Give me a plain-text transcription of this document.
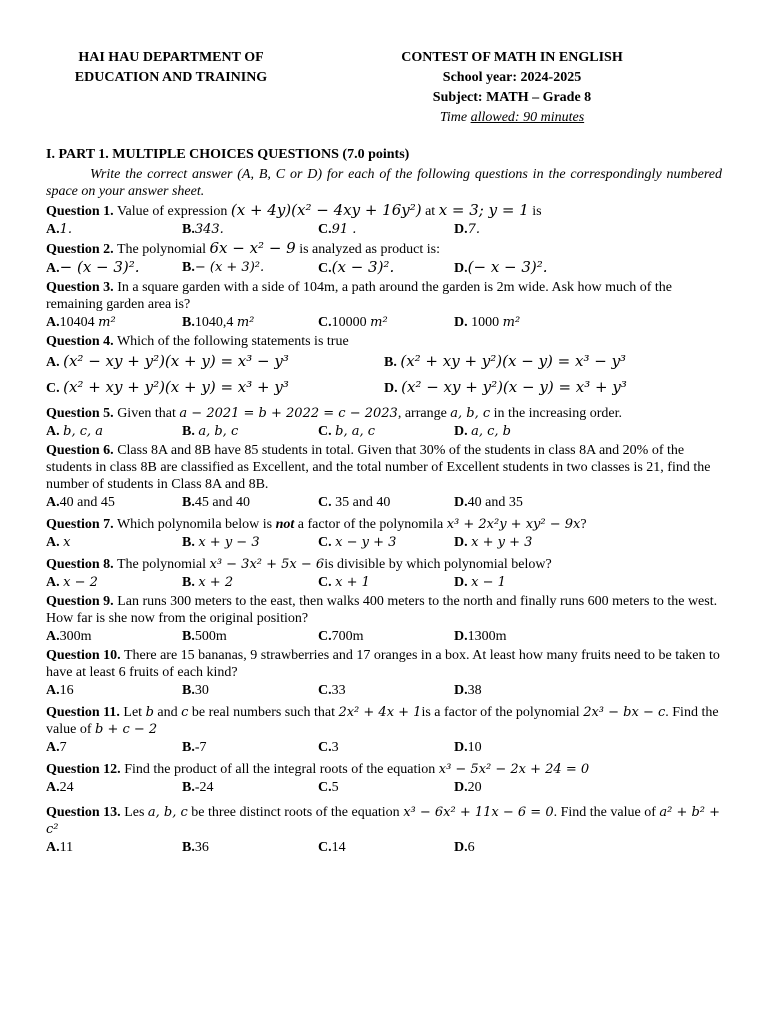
HAI HAU DEPARTMENT OF
EDUCATION AND TRAINING
CONTEST OF MATH IN ENGLISH
School year: 2024-2025
Subject: MATH – Grade 8
Time allowed: 90 minutes
I. PART 1. MULTIPLE CHOICES QUESTIONS (7.0 points)
Write the correct answer (A, B, C or D) for each of the following questions in the correspondingly numbered space on your answer sheet.
Question 1. Value of expression (x + 4y)(x² − 4xy + 16y²) at x = 3; y = 1 is
A.1.	B.343.	C.91 .	D.7.
Question 2. The polynomial 6x − x² − 9 is analyzed as product is:
A.− (x − 3)².	B.− (x + 3)².	C.(x − 3)².	D.(− x − 3)².
Question 3. In a square garden with a side of 104m, a path around the garden is 2m wide. Ask how much of the remaining garden area is?
A.10404 m²	B.1040,4 m²	C.10000 m²	D. 1000 m²
Question 4. Which of the following statements is true
A. (x² − xy + y²)(x + y) = x³ − y³	B. (x² + xy + y²)(x − y) = x³ − y³
C. (x² + xy + y²)(x + y) = x³ + y³	D. (x² − xy + y²)(x − y) = x³ + y³
Question 5. Given that a − 2021 = b + 2022 = c − 2023, arrange a, b, c in the increasing order.
A. b, c, a	B. a, b, c	C. b, a, c	D. a, c, b
Question 6. Class 8A and 8B have 85 students in total. Given that 30% of the students in class 8A and 20% of the students in class 8B are classified as Excellent, and the total number of Excellent students in two classes is 21, find the number of students in Class 8A and 8B.
A.40 and 45	B.45 and 40	C. 35 and 40	D.40 and 35
Question 7. Which polynomila below is not a factor of the polynomila x³ + 2x²y + xy² − 9x?
A. x	B. x + y − 3	C. x − y + 3	D. x + y + 3
Question 8. The polynomial x³ − 3x² + 5x − 6is divisible by which polynomial below?
A. x − 2	B. x + 2	C. x + 1	D. x − 1
Question 9. Lan runs 300 meters to the east, then walks 400 meters to the north and finally runs 600 meters to the west. How far is she now from the original position?
A.300m	B.500m	C.700m	D.1300m
Question 10. There are 15 bananas, 9 strawberries and 17 oranges in a box. At least how many fruits need to be taken to have at least 6 fruits of each kind?
A.16	B.30	C.33	D.38
Question 11. Let b and c be real numbers such that 2x² + 4x + 1is a factor of the polynomial 2x³ − bx − c. Find the value of b + c − 2
A.7	B.-7	C.3	D.10
Question 12. Find the product of all the integral roots of the equation x³ − 5x² − 2x + 24 = 0
A.24	B.-24	C.5	D.20
Question 13. Les a, b, c be three distinct roots of the equation x³ − 6x² + 11x − 6 = 0. Find the value of a² + b² + c²
A.11	B.36	C.14	D.6
